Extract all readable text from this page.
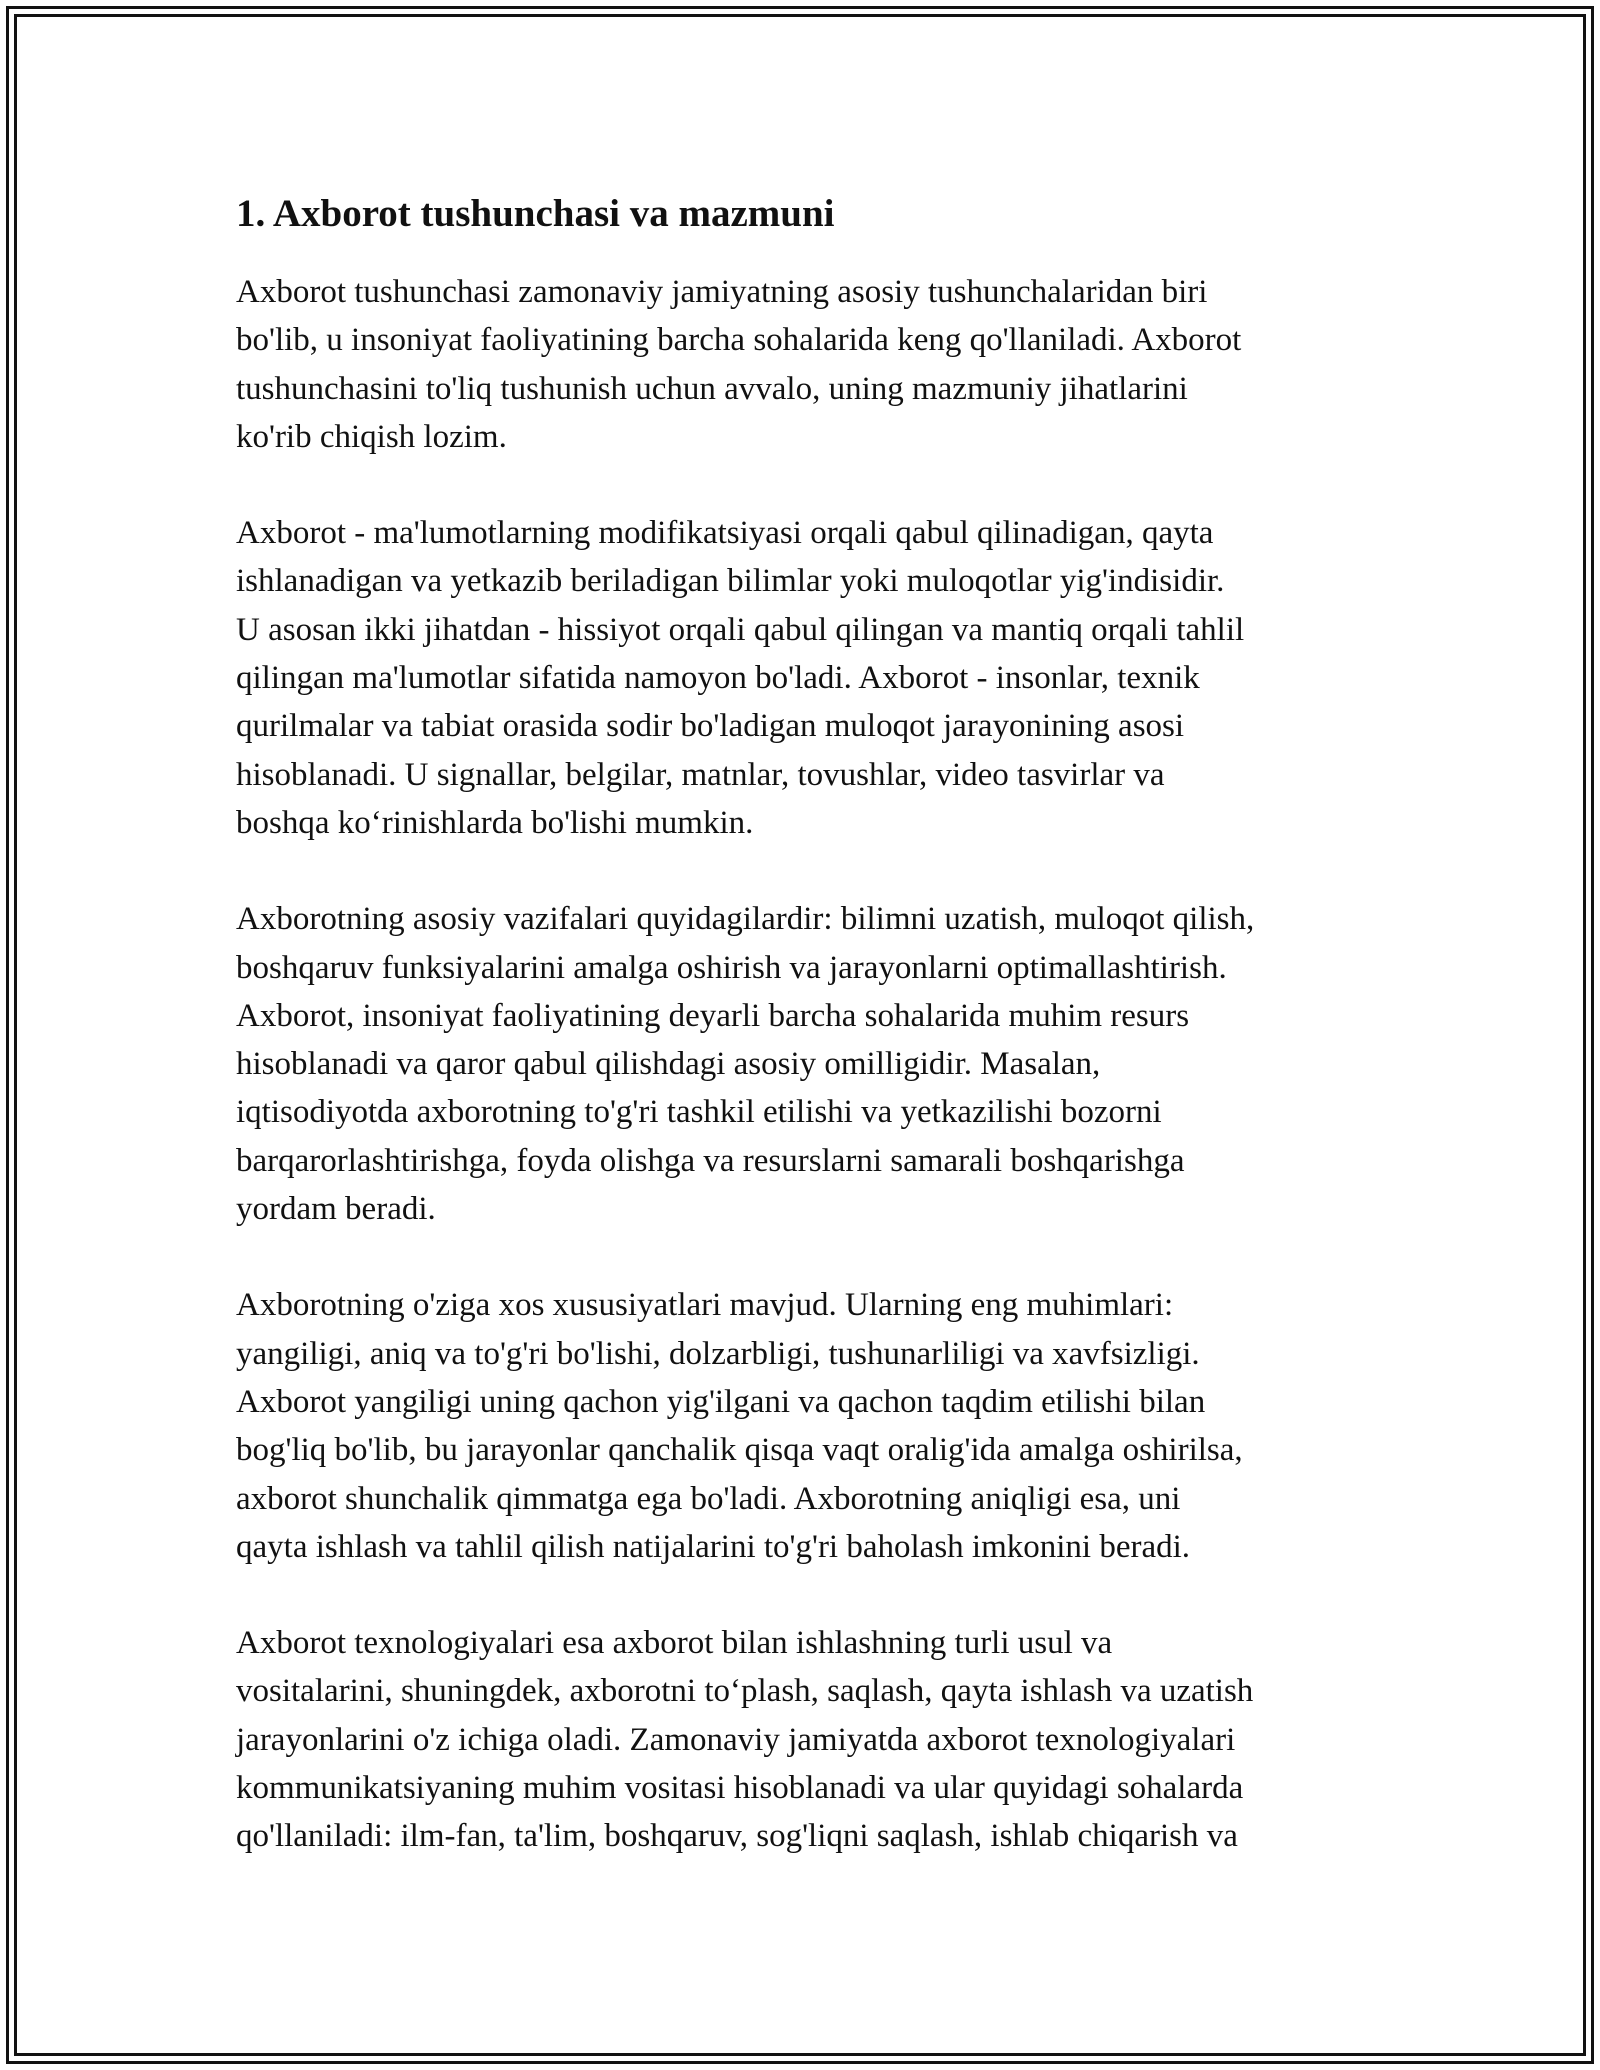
1. Axborot tushunchasi va mazmuni

Axborot tushunchasi zamonaviy jamiyatning asosiy tushunchalaridan biri
bo'lib, u insoniyat faoliyatining barcha sohalarida keng qo'llaniladi. Axborot
tushunchasini to'liq tushunish uchun avvalo, uning mazmuniy jihatlarini
ko'rib chiqish lozim.

Axborot - ma'lumotlarning modifikatsiyasi orqali qabul qilinadigan, qayta
ishlanadigan va yetkazib beriladigan bilimlar yoki muloqotlar yig'indisidir.
U asosan ikki jihatdan - hissiyot orqali qabul qilingan va mantiq orqali tahlil
qilingan ma'lumotlar sifatida namoyon bo'ladi. Axborot - insonlar, texnik
qurilmalar va tabiat orasida sodir bo'ladigan muloqot jarayonining asosi
hisoblanadi. U signallar, belgilar, matnlar, tovushlar, video tasvirlar va
boshqa ko‘rinishlarda bo'lishi mumkin.

Axborotning asosiy vazifalari quyidagilardir: bilimni uzatish, muloqot qilish,
boshqaruv funksiyalarini amalga oshirish va jarayonlarni optimallashtirish.
Axborot, insoniyat faoliyatining deyarli barcha sohalarida muhim resurs
hisoblanadi va qaror qabul qilishdagi asosiy omilligidir. Masalan,
iqtisodiyotda axborotning to'g'ri tashkil etilishi va yetkazilishi bozorni
barqarorlashtirishga, foyda olishga va resurslarni samarali boshqarishga
yordam beradi.

Axborotning o'ziga xos xususiyatlari mavjud. Ularning eng muhimlari:
yangiligi, aniq va to'g'ri bo'lishi, dolzarbligi, tushunarliligi va xavfsizligi.
Axborot yangiligi uning qachon yig'ilgani va qachon taqdim etilishi bilan
bog'liq bo'lib, bu jarayonlar qanchalik qisqa vaqt oralig'ida amalga oshirilsa,
axborot shunchalik qimmatga ega bo'ladi. Axborotning aniqligi esa, uni
qayta ishlash va tahlil qilish natijalarini to'g'ri baholash imkonini beradi.

Axborot texnologiyalari esa axborot bilan ishlashning turli usul va
vositalarini, shuningdek, axborotni to‘plash, saqlash, qayta ishlash va uzatish
jarayonlarini o'z ichiga oladi. Zamonaviy jamiyatda axborot texnologiyalari
kommunikatsiyaning muhim vositasi hisoblanadi va ular quyidagi sohalarda
qo'llaniladi: ilm-fan, ta'lim, boshqaruv, sog'liqni saqlash, ishlab chiqarish va
